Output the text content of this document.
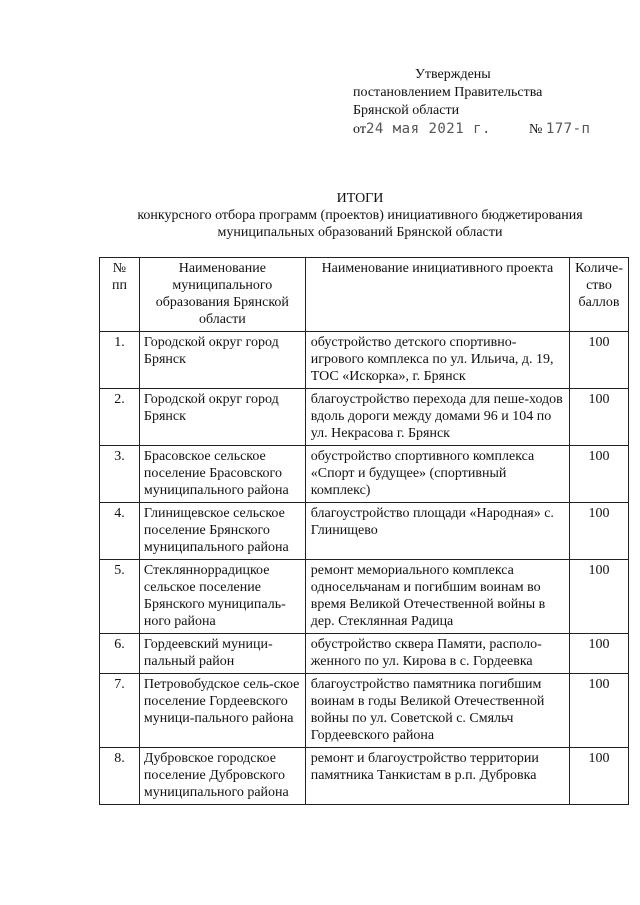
Утверждены
постановлением Правительства
Брянской области
от24 мая 2021 г.	№ 177-п
ИТОГИ
конкурсного отбора программ (проектов) инициативного бюджетирования
муниципальных образований Брянской области
№ пп	Наименование муниципального образования Брянской области	Наименование инициативного проекта	Количе-ство баллов
1.	Городской округ город Брянск	обустройство детского спортивно-игрового комплекса по ул. Ильича, д. 19, ТОС «Искорка», г. Брянск	100
2.	Городской округ город Брянск	благоустройство перехода для пеше-ходов вдоль дороги между домами 96 и 104 по ул. Некрасова г. Брянск	100
3.	Брасовское сельское поселение Брасовского муниципального района	обустройство спортивного комплекса «Спорт и будущее» (спортивный комплекс)	100
4.	Глинищевское сельское поселение Брянского муниципального района	благоустройство площади «Народная» с. Глинищево	100
5.	Стеклянноррадицкое сельское поселение Брянского муниципаль-ного района	ремонт мемориального комплекса односельчанам и погибшим воинам во время Великой Отечественной войны в дер. Стеклянная Радица	100
6.	Гордеевский муници-пальный район	обустройство сквера Памяти, располо-женного по ул. Кирова в с. Гордеевка	100
7.	Петровобудское сель-ское поселение Гордеевского муници-пального района	благоустройство памятника погибшим воинам в годы Великой Отечественной войны по ул. Советской с. Смяльч Гордеевского района	100
8.	Дубровское городское поселение Дубровского муниципального района	ремонт и благоустройство территории памятника Танкистам в р.п. Дубровка	100
